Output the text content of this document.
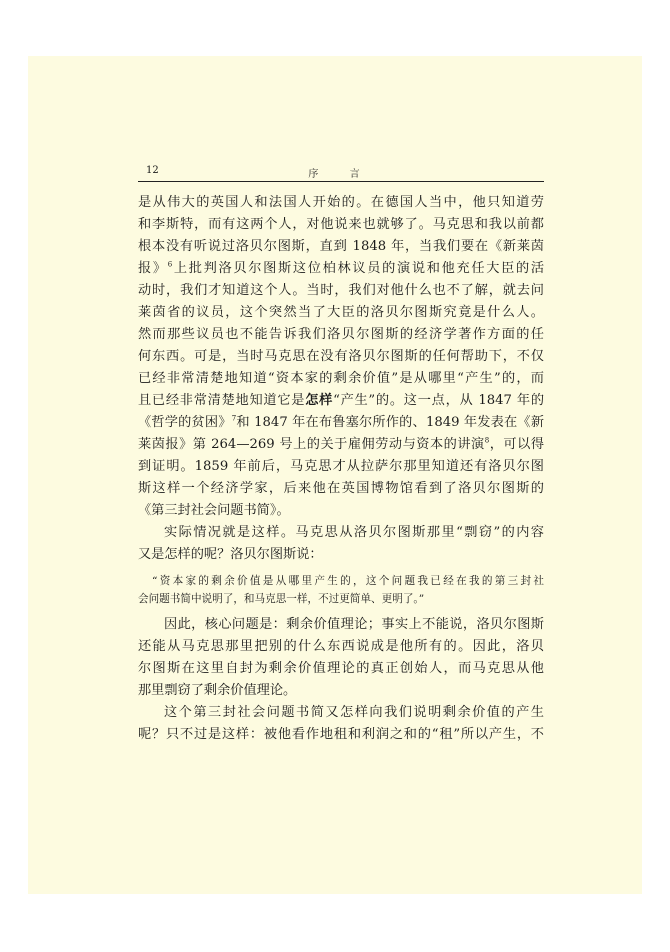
12	序 言
是从伟大的英国人和法国人开始的。在德国人当中，他只知道劳
和李斯特，而有这两个人，对他说来也就够了。马克思和我以前都
根本没有听说过洛贝尔图斯，直到 1848 年，当我们要在《新莱茵
报》$^6$上批判洛贝尔图斯这位柏林议员的演说和他充任大臣的活
动时，我们才知道这个人。当时，我们对他什么也不了解，就去问
莱茵省的议员，这个突然当了大臣的洛贝尔图斯究竟是什么人。
然而那些议员也不能告诉我们洛贝尔图斯的经济学著作方面的任
何东西。可是，当时马克思在没有洛贝尔图斯的任何帮助下，不仅
已经非常清楚地知道“资本家的剩余价值”是从哪里“产生”的，而
且已经非常清楚地知道它是怎样“产生”的。这一点，从 1847 年的
《哲学的贫困》$^7$和 1847 年在布鲁塞尔所作的、1849 年发表在《新
莱茵报》第 264—269 号上的关于雇佣劳动与资本的讲演$^8$，可以得
到证明。1859 年前后，马克思才从拉萨尔那里知道还有洛贝尔图
斯这样一个经济学家，后来他在英国博物馆看到了洛贝尔图斯的
《第三封社会问题书简》。
实际情况就是这样。马克思从洛贝尔图斯那里“剽窃”的内容
又是怎样的呢？洛贝尔图斯说：
“资本家的剩余价值是从哪里产生的，这个问题我已经在我的第三封社
会问题书简中说明了，和马克思一样，不过更简单、更明了。”
因此，核心问题是：剩余价值理论；事实上不能说，洛贝尔图斯
还能从马克思那里把别的什么东西说成是他所有的。因此，洛贝
尔图斯在这里自封为剩余价值理论的真正创始人，而马克思从他
那里剽窃了剩余价值理论。
这个第三封社会问题书简又怎样向我们说明剩余价值的产生
呢？只不过是这样：被他看作地租和利润之和的“租”所以产生，不
